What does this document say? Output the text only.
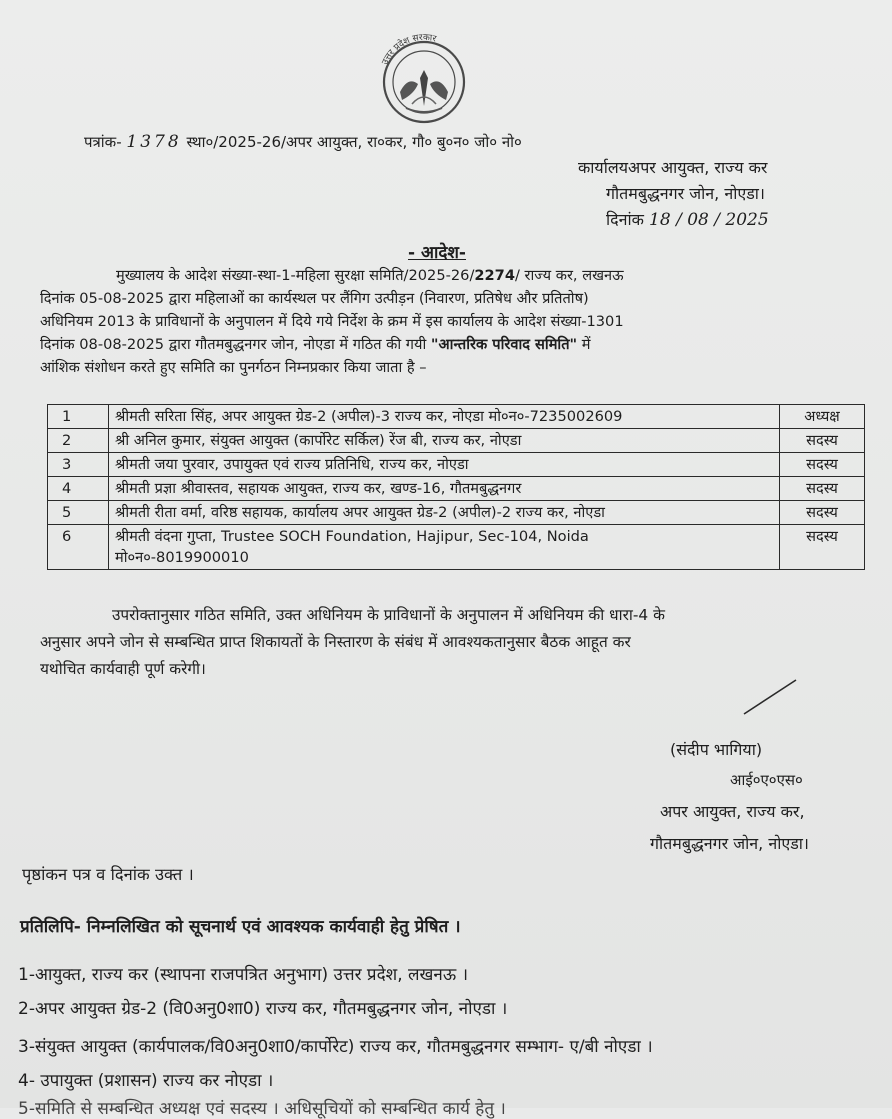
उत्तर प्रदेश सरकार
पत्रांक- 1378 स्था०/2025-26/अपर आयुक्त, रा०कर, गौ० बु०न० जो० नो०
कार्यालयअपर आयुक्त, राज्य कर
गौतमबुद्धनगर जोन, नोएडा।
दिनांक 18 / 08 / 2025
- आदेश-
मुख्यालय के आदेश संख्या-स्था-1-महिला सुरक्षा समिति/2025-26/2274/ राज्य कर, लखनऊ
दिनांक 05-08-2025 द्वारा महिलाओं का कार्यस्थल पर लैंगिग उत्पीड़न (निवारण, प्रतिषेध और प्रतितोष)
अधिनियम 2013 के प्राविधानों के अनुपालन में दिये गये निर्देश के क्रम में इस कार्यालय के आदेश संख्या-1301
दिनांक 08-08-2025 द्वारा गौतमबुद्धनगर जोन, नोएडा में गठित की गयी "आन्तरिक परिवाद समिति" में
आंशिक संशोधन करते हुए समिति का पुनर्गठन निम्नप्रकार किया जाता है –
1	श्रीमती सरिता सिंह, अपर आयुक्त ग्रेड-2 (अपील)-3 राज्य कर, नोएडा मो०न०-7235002609	अध्यक्ष
2	श्री अनिल कुमार, संयुक्त आयुक्त (कार्पोरेट सर्किल) रेंज बी, राज्य कर, नोएडा	सदस्य
3	श्रीमती जया पुरवार, उपायुक्त एवं राज्य प्रतिनिधि, राज्य कर, नोएडा	सदस्य
4	श्रीमती प्रज्ञा श्रीवास्तव, सहायक आयुक्त, राज्य कर, खण्ड-16, गौतमबुद्धनगर	सदस्य
5	श्रीमती रीता वर्मा, वरिष्ठ सहायक, कार्यालय अपर आयुक्त ग्रेड-2 (अपील)-2 राज्य कर, नोएडा	सदस्य
6	श्रीमती वंदना गुप्ता, Trustee SOCH Foundation, Hajipur, Sec-104, Noida
मो०न०-8019900010	सदस्य
उपरोक्तानुसार गठित समिति, उक्त अधिनियम के प्राविधानों के अनुपालन में अधिनियम की धारा-4 के
अनुसार अपने जोन से सम्बन्धित प्राप्त शिकायतों के निस्तारण के संबंध में आवश्यकतानुसार बैठक आहूत कर
यथोचित कार्यवाही पूर्ण करेगी।
(संदीप भागिया)
आई०ए०एस०
अपर आयुक्त, राज्य कर,
गौतमबुद्धनगर जोन, नोएडा।
पृष्ठांकन पत्र व दिनांक उक्त ।
प्रतिलिपि- निम्नलिखित को सूचनार्थ एवं आवश्यक कार्यवाही हेतु प्रेषित ।
1-आयुक्त, राज्य कर (स्थापना राजपत्रित अनुभाग) उत्तर प्रदेश, लखनऊ ।
2-अपर आयुक्त ग्रेड-2 (वि0अनु0शा0) राज्य कर, गौतमबुद्धनगर जोन, नोएडा ।
3-संयुक्त आयुक्त (कार्यपालक/वि0अनु0शा0/कार्पोरेट) राज्य कर, गौतमबुद्धनगर सम्भाग- ए/बी नोएडा ।
4- उपायुक्त (प्रशासन) राज्य कर नोएडा ।
5-समिति से सम्बन्धित अध्यक्ष एवं सदस्य । अधिसूचियों को सम्बन्धित कार्य हेतु ।
